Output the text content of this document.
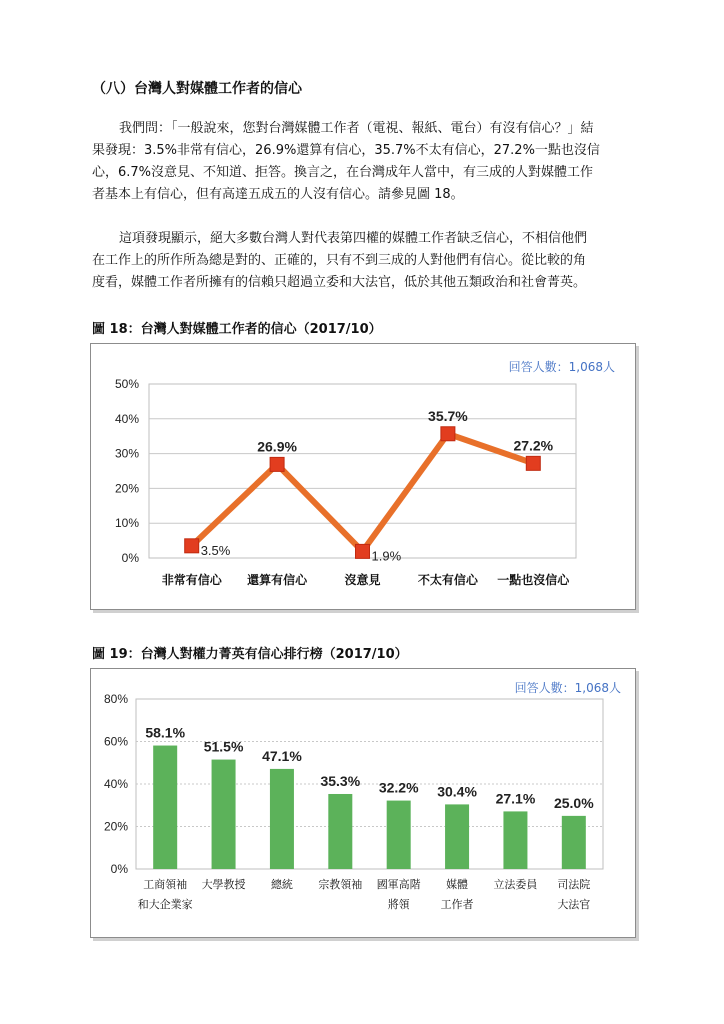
（八）台灣人對媒體工作者的信心

我們問：「一般說來，您對台灣媒體工作者（電視、報紙、電台）有沒有信心？」結
果發現：3.5%非常有信心，26.9%還算有信心，35.7%不太有信心，27.2%一點也沒信
心，6.7%沒意見、不知道、拒答。換言之，在台灣成年人當中，有三成的人對媒體工作
者基本上有信心，但有高達五成五的人沒有信心。請參見圖 18。

這項發現顯示，絕大多數台灣人對代表第四權的媒體工作者缺乏信心，不相信他們
在工作上的所作所為總是對的、正確的，只有不到三成的人對他們有信心。從比較的角
度看，媒體工作者所擁有的信賴只超過立委和大法官，低於其他五類政治和社會菁英。

圖 18：台灣人對媒體工作者的信心（2017/10）
回答人數：1,068人
0%
10%
20%
30%
40%
50%
非常有信心 還算有信心	沒意見	不太有信心 一點也沒信心
3.5%
26.9%
1.9%
35.7%
27.2%
圖 19：台灣人對權力菁英有信心排行榜（2017/10）
回答人數：1,068人
0%
20%
40%
60%
80%
58.1%
51.5%
47.1%
35.3% 32.2% 30.4% 27.1% 25.0%
工商領袖
和大企業家
大學教授 總統 宗教領袖 國軍高階
將領
媒體
工作者
立法委員 司法院
大法官
